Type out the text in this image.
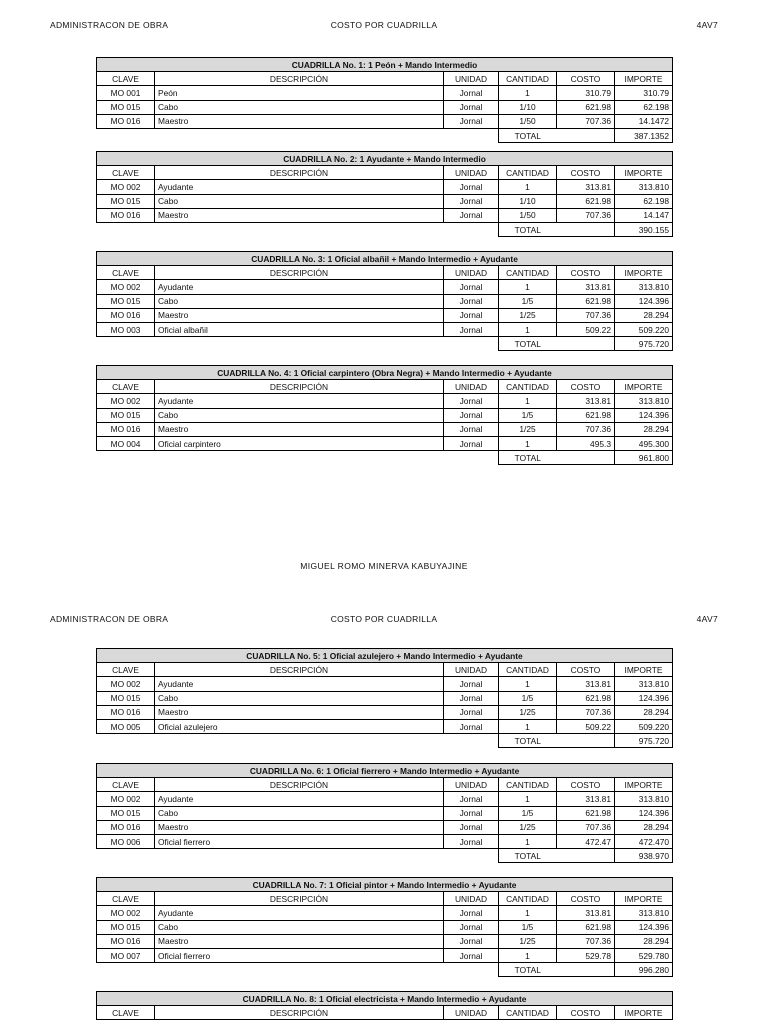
ADMINISTRACON DE OBRA	COSTO POR CUADRILLA	4AV7
CUADRILLA No. 1: 1 Peón + Mando Intermedio					
CLAVE	DESCRIPCIÓN	UNIDAD	CANTIDAD	COSTO	IMPORTE
MO 001	Peón	Jornal	1	310.79	310.79
MO 015	Cabo	Jornal	1/10	621.98	62.198
MO 016	Maestro	Jornal	1/50	707.36	14.1472
			TOTAL		387.1352
CUADRILLA No. 2: 1 Ayudante + Mando Intermedio					
CLAVE	DESCRIPCIÓN	UNIDAD	CANTIDAD	COSTO	IMPORTE
MO 002	Ayudante	Jornal	1	313.81	313.810
MO 015	Cabo	Jornal	1/10	621.98	62.198
MO 016	Maestro	Jornal	1/50	707.36	14.147
			TOTAL		390.155
CUADRILLA No. 3: 1 Oficial albañil + Mando Intermedio + Ayudante					
CLAVE	DESCRIPCIÓN	UNIDAD	CANTIDAD	COSTO	IMPORTE
MO 002	Ayudante	Jornal	1	313.81	313.810
MO 015	Cabo	Jornal	1/5	621.98	124.396
MO 016	Maestro	Jornal	1/25	707.36	28.294
MO 003	Oficial albañil	Jornal	1	509.22	509.220
			TOTAL		975.720
CUADRILLA No. 4: 1 Oficial carpintero (Obra Negra) + Mando Intermedio + Ayudante					
CLAVE	DESCRIPCIÓN	UNIDAD	CANTIDAD	COSTO	IMPORTE
MO 002	Ayudante	Jornal	1	313.81	313.810
MO 015	Cabo	Jornal	1/5	621.98	124.396
MO 016	Maestro	Jornal	1/25	707.36	28.294
MO 004	Oficial carpintero	Jornal	1	495.3	495.300
			TOTAL		961.800
MIGUEL ROMO MINERVA KABUYAJINE
ADMINISTRACON DE OBRA	COSTO POR CUADRILLA	4AV7
CUADRILLA No. 5: 1 Oficial azulejero + Mando Intermedio + Ayudante					
CLAVE	DESCRIPCIÓN	UNIDAD	CANTIDAD	COSTO	IMPORTE
MO 002	Ayudante	Jornal	1	313.81	313.810
MO 015	Cabo	Jornal	1/5	621.98	124.396
MO 016	Maestro	Jornal	1/25	707.36	28.294
MO 005	Oficial azulejero	Jornal	1	509.22	509.220
			TOTAL		975.720
CUADRILLA No. 6: 1 Oficial fierrero + Mando Intermedio + Ayudante					
CLAVE	DESCRIPCIÓN	UNIDAD	CANTIDAD	COSTO	IMPORTE
MO 002	Ayudante	Jornal	1	313.81	313.810
MO 015	Cabo	Jornal	1/5	621.98	124.396
MO 016	Maestro	Jornal	1/25	707.36	28.294
MO 006	Oficial fierrero	Jornal	1	472.47	472.470
			TOTAL		938.970
CUADRILLA No. 7: 1 Oficial pintor + Mando Intermedio + Ayudante					
CLAVE	DESCRIPCIÓN	UNIDAD	CANTIDAD	COSTO	IMPORTE
MO 002	Ayudante	Jornal	1	313.81	313.810
MO 015	Cabo	Jornal	1/5	621.98	124.396
MO 016	Maestro	Jornal	1/25	707.36	28.294
MO 007	Oficial fierrero	Jornal	1	529.78	529.780
			TOTAL		996.280
CUADRILLA No. 8: 1 Oficial electricista + Mando Intermedio + Ayudante
CLAVE	DESCRIPCIÓN	UNIDAD	CANTIDAD	COSTO	IMPORTE
